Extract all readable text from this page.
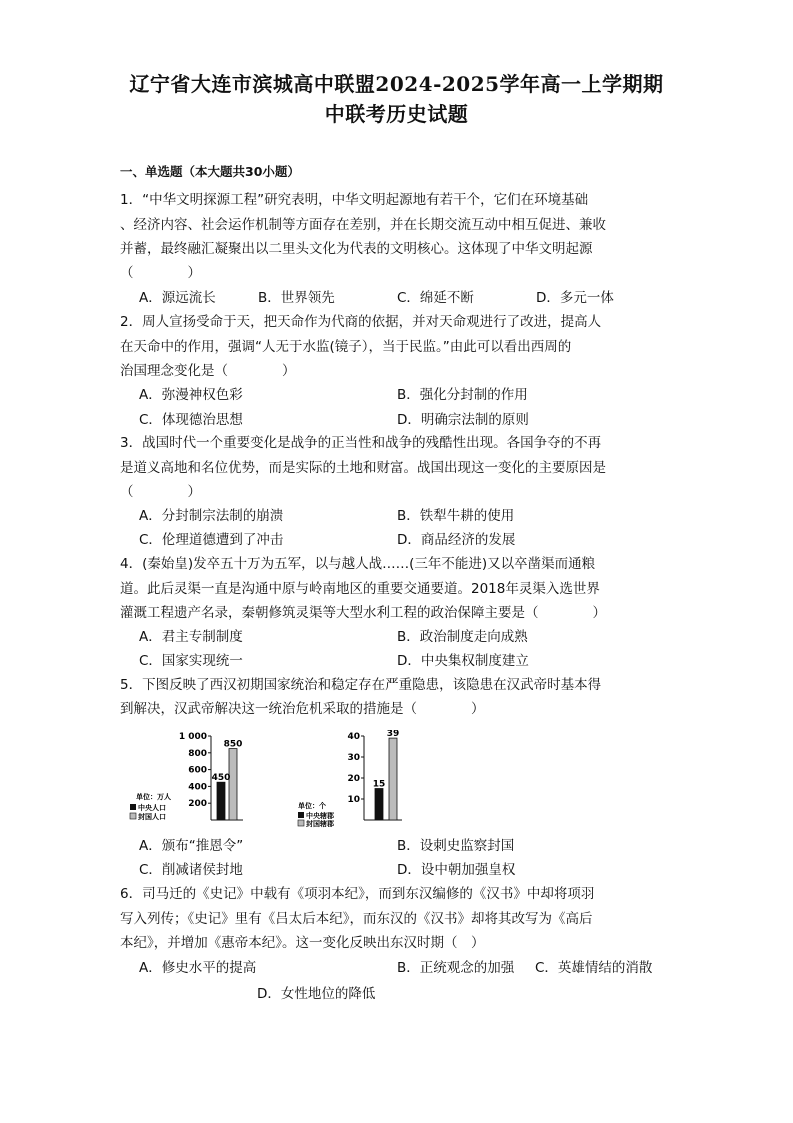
辽宁省大连市滨城高中联盟2024-2025学年高一上学期期
中联考历史试题
一、单选题（本大题共30小题）
1．“中华文明探源工程”研究表明，中华文明起源地有若干个，它们在环境基础
、经济内容、社会运作机制等方面存在差别，并在长期交流互动中相互促进、兼收
并蓄，最终融汇凝聚出以二里头文化为代表的文明核心。这体现了中华文明起源
（　　　　）
A．源远流长	B．世界领先	C．绵延不断	D．多元一体
2．周人宣扬受命于天，把天命作为代商的依据，并对天命观进行了改进，提高人
在天命中的作用，强调“人无于水监(镜子），当于民监。”由此可以看出西周的
治国理念变化是（　　　　）
A．弥漫神权色彩	B．强化分封制的作用
C．体现德治思想	D．明确宗法制的原则
3．战国时代一个重要变化是战争的正当性和战争的残酷性出现。各国争夺的不再
是道义高地和名位优势，而是实际的土地和财富。战国出现这一变化的主要原因是
（　　　　）
A．分封制宗法制的崩溃	B．铁犁牛耕的使用
C．伦理道德遭到了冲击	D．商品经济的发展
4．(秦始皇)发卒五十万为五军，以与越人战……(三年不能进)又以卒凿渠而通粮
道。此后灵渠一直是沟通中原与岭南地区的重要交通要道。2018年灵渠入选世界
灌溉工程遗产名录，秦朝修筑灵渠等大型水利工程的政治保障主要是（　　　　）
A．君主专制制度	B．政治制度走向成熟
C．国家实现统一	D．中央集权制度建立
5．下图反映了西汉初期国家统治和稳定存在严重隐患，该隐患在汉武帝时基本得
到解决，汉武帝解决这一统治危机采取的措施是（　　　　）
1 000
800
600
400
200
450
850
单位：万人
中央人口
封国人口
40
30
20
10
15
39
单位：个
中央辖郡
封国辖郡
A．颁布“推恩令”	B．设刺史监察封国
C．削减诸侯封地	D．设中朝加强皇权
6．司马迁的《史记》中载有《项羽本纪》，而到东汉编修的《汉书》中却将项羽
写入列传；《史记》里有《吕太后本纪》，而东汉的《汉书》却将其改写为《高后
本纪》，并增加《惠帝本纪》。这一变化反映出东汉时期（　）
A．修史水平的提高	B．正统观念的加强 C．英雄情结的消散
D．女性地位的降低
